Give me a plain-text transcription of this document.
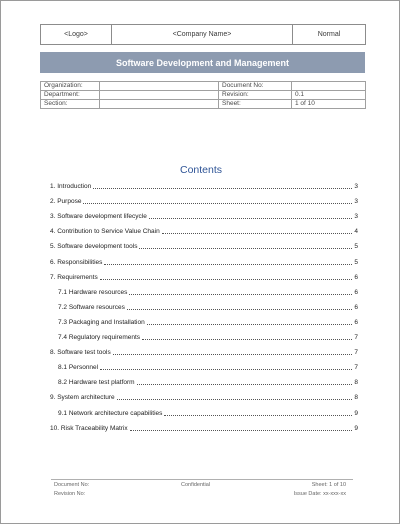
<Logo>	<Company Name>	Normal
Software Development and Management
Organization:		Document No:	
Department:		Revision:	0.1
Section:		Sheet:	1 of 10
Contents
1. Introduction	3
2. Purpose	3
3. Software development lifecycle	3
4. Contribution to Service Value Chain	4
5. Software development tools	5
6. Responsibilities	5
7. Requirements	6
7.1 Hardware resources	6
7.2 Software resources	6
7.3 Packaging and Installation	6
7.4 Regulatory requirements	7
8. Software test tools	7
8.1 Personnel	7
8.2 Hardware test platform	8
9. System architecture	8
9.1 Network architecture capabilities	9
10. Risk Traceability Matrix	9
Document No:
Revision No:
Confidential	Sheet: 1 of 10
Issue Date: xx-xxx-xx
